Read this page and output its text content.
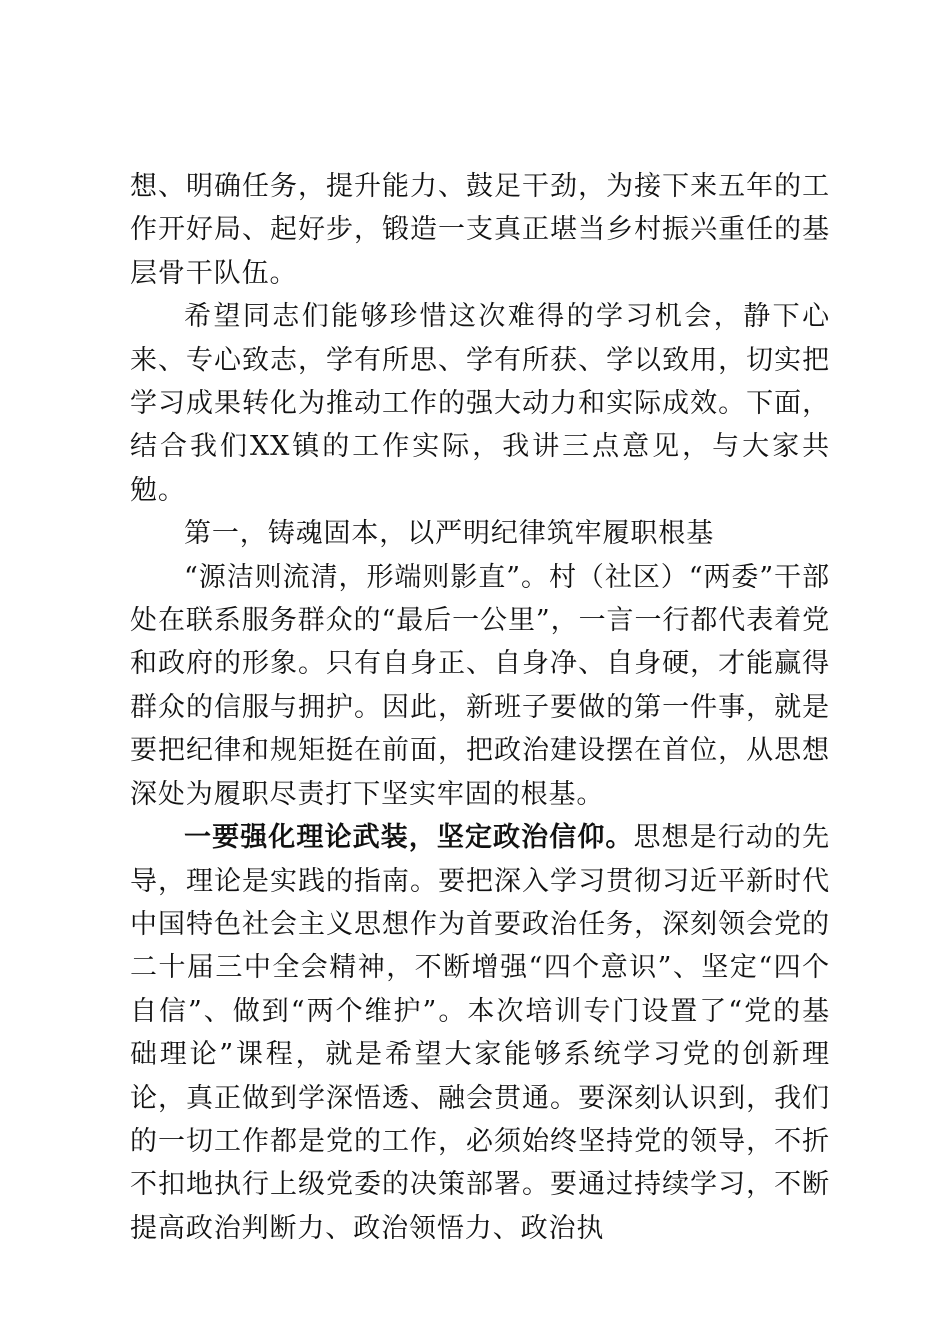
想、明确任务，提升能力、鼓足干劲，为接下来五年的工作开好局、起好步，锻造一支真正堪当乡村振兴重任的基层骨干队伍。

希望同志们能够珍惜这次难得的学习机会，静下心来、专心致志，学有所思、学有所获、学以致用，切实把学习成果转化为推动工作的强大动力和实际成效。下面，结合我们XX镇的工作实际，我讲三点意见，与大家共勉。

第一，铸魂固本，以严明纪律筑牢履职根基

“源洁则流清，形端则影直”。村（社区）“两委”干部处在联系服务群众的“最后一公里”，一言一行都代表着党和政府的形象。只有自身正、自身净、自身硬，才能赢得群众的信服与拥护。因此，新班子要做的第一件事，就是要把纪律和规矩挺在前面，把政治建设摆在首位，从思想深处为履职尽责打下坚实牢固的根基。

一要强化理论武装，坚定政治信仰。思想是行动的先导，理论是实践的指南。要把深入学习贯彻习近平新时代中国特色社会主义思想作为首要政治任务，深刻领会党的二十届三中全会精神，不断增强“四个意识”、坚定“四个自信”、做到“两个维护”。本次培训专门设置了“党的基础理论”课程，就是希望大家能够系统学习党的创新理论，真正做到学深悟透、融会贯通。要深刻认识到，我们的一切工作都是党的工作，必须始终坚持党的领导，不折不扣地执行上级党委的决策部署。要通过持续学习，不断提高政治判断力、政治领悟力、政治执
